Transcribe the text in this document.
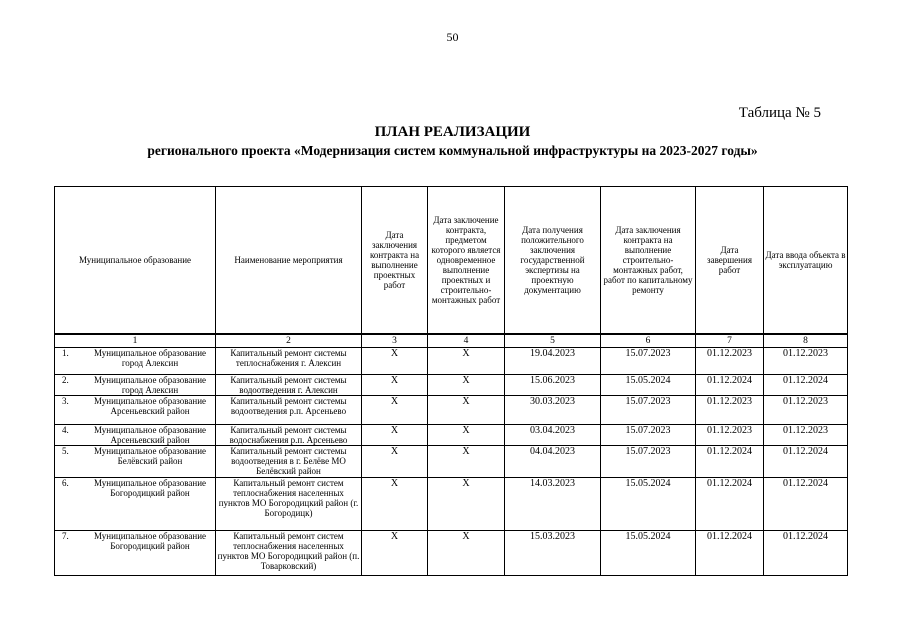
50
Таблица № 5
ПЛАН РЕАЛИЗАЦИИ
регионального проекта «Модернизация систем коммунальной инфраструктуры на 2023-2027 годы»
Муниципальное образование	Наименование мероприятия	Дата заключения контракта на выполнение проектных работ	Дата заключение контракта, предметом которого является одновременное выполнение проектных и строительно-монтажных работ	Дата получения положительного заключения государственной экспертизы на проектную документацию	Дата заключения контракта на выполнение строительно-монтажных работ, работ по капитальному ремонту	Дата завершения работ	Дата ввода объекта в эксплуатацию
1	2	3	4	5	6	7	8

1. Муниципальное образование город Алексин	Капитальный ремонт системы теплоснабжения г. Алексин	Х	Х	19.04.2023	15.07.2023	01.12.2023	01.12.2023

2. Муниципальное образование город Алексин	Капитальный ремонт системы водоотведения г. Алексин	Х	Х	15.06.2023	15.05.2024	01.12.2024	01.12.2024

3. Муниципальное образование Арсеньевский район	Капитальный ремонт системы водоотведения р.п. Арсеньево	Х	Х	30.03.2023	15.07.2023	01.12.2023	01.12.2023

4. Муниципальное образование Арсеньевский район	Капитальный ремонт системы водоснабжения р.п. Арсеньево	Х	Х	03.04.2023	15.07.2023	01.12.2023	01.12.2023

5. Муниципальное образование Белёвский район	Капитальный ремонт системы водоотведения в г. Белёве МО Белёвский район	Х	Х	04.04.2023	15.07.2023	01.12.2024	01.12.2024

6. Муниципальное образование Богородицкий район	Капитальный ремонт систем теплоснабжения населенных пунктов МО Богородицкий район (г. Богородицк)	Х	Х	14.03.2023	15.05.2024	01.12.2024	01.12.2024

7. Муниципальное образование Богородицкий район	Капитальный ремонт систем теплоснабжения населенных пунктов МО Богородицкий район (п. Товарковский)	Х	Х	15.03.2023	15.05.2024	01.12.2024	01.12.2024
